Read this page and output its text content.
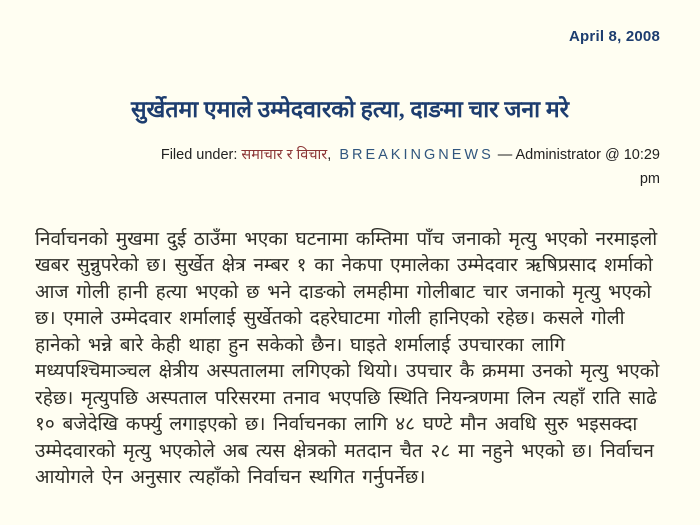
April 8, 2008
सुर्खेतमा एमाले उम्मेदवारको हत्या, दाङमा चार जना मरे
Filed under: समाचार र विचार, BREAKINGNEWS — Administrator @ 10:29
pm

निर्वाचनको मुखमा दुई ठाउँमा भएका घटनामा कम्तिमा पाँच जनाको मृत्यु भएको नरमाइलो खबर सुन्नुपरेको छ। सुर्खेत क्षेत्र नम्बर १ का नेकपा एमालेका उम्मेदवार ऋषिप्रसाद शर्माको आज गोली हानी हत्या भएको छ भने दाङको लमहीमा गोलीबाट चार जनाको मृत्यु भएको छ। एमाले उम्मेदवार शर्मालाई सुर्खेतको दहरेघाटमा गोली हानिएको रहेछ। कसले गोली हानेको भन्ने बारे केही थाहा हुन सकेको छैन। घाइते शर्मालाई उपचारका लागि मध्यपश्चिमाञ्चल क्षेत्रीय अस्पतालमा लगिएको थियो। उपचार कै क्रममा उनको मृत्यु भएको रहेछ। मृत्युपछि अस्पताल परिसरमा तनाव भएपछि स्थिति नियन्त्रणमा लिन त्यहाँ राति साढे १० बजेदेखि कर्फ्यु लगाइएको छ। निर्वाचनका लागि ४८ घण्टे मौन अवधि सुरु भइसक्दा उम्मेदवारको मृत्यु भएकोले अब त्यस क्षेत्रको मतदान चैत २८ मा नहुने भएको छ। निर्वाचन आयोगले ऐन अनुसार त्यहाँको निर्वाचन स्थगित गर्नुपर्नेछ।
